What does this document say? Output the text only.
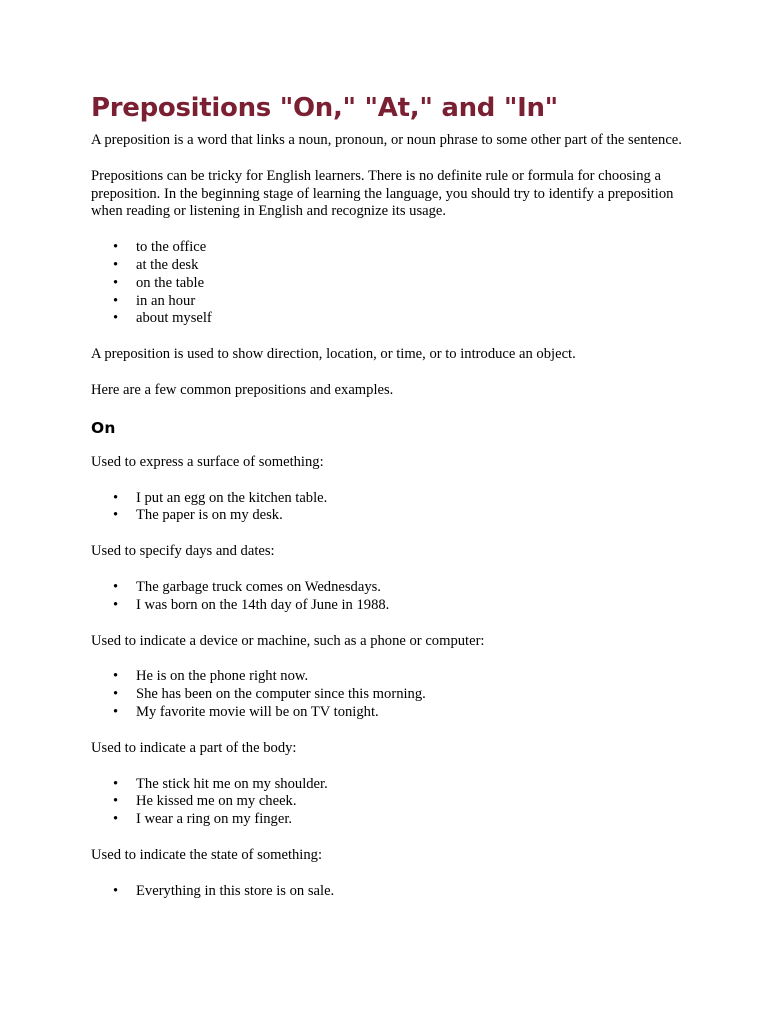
Prepositions "On," "At," and "In"

A preposition is a word that links a noun, pronoun, or noun phrase to some other part of the sentence.

Prepositions can be tricky for English learners. There is no definite rule or formula for choosing a preposition. In the beginning stage of learning the language, you should try to identify a preposition when reading or listening in English and recognize its usage.

• to the office
• at the desk
• on the table
• in an hour
• about myself

A preposition is used to show direction, location, or time, or to introduce an object.

Here are a few common prepositions and examples.

On

Used to express a surface of something:

• I put an egg on the kitchen table.
• The paper is on my desk.

Used to specify days and dates:

• The garbage truck comes on Wednesdays.
• I was born on the 14th day of June in 1988.

Used to indicate a device or machine, such as a phone or computer:

• He is on the phone right now.
• She has been on the computer since this morning.
• My favorite movie will be on TV tonight.

Used to indicate a part of the body:

• The stick hit me on my shoulder.
• He kissed me on my cheek.
• I wear a ring on my finger.

Used to indicate the state of something:

• Everything in this store is on sale.
